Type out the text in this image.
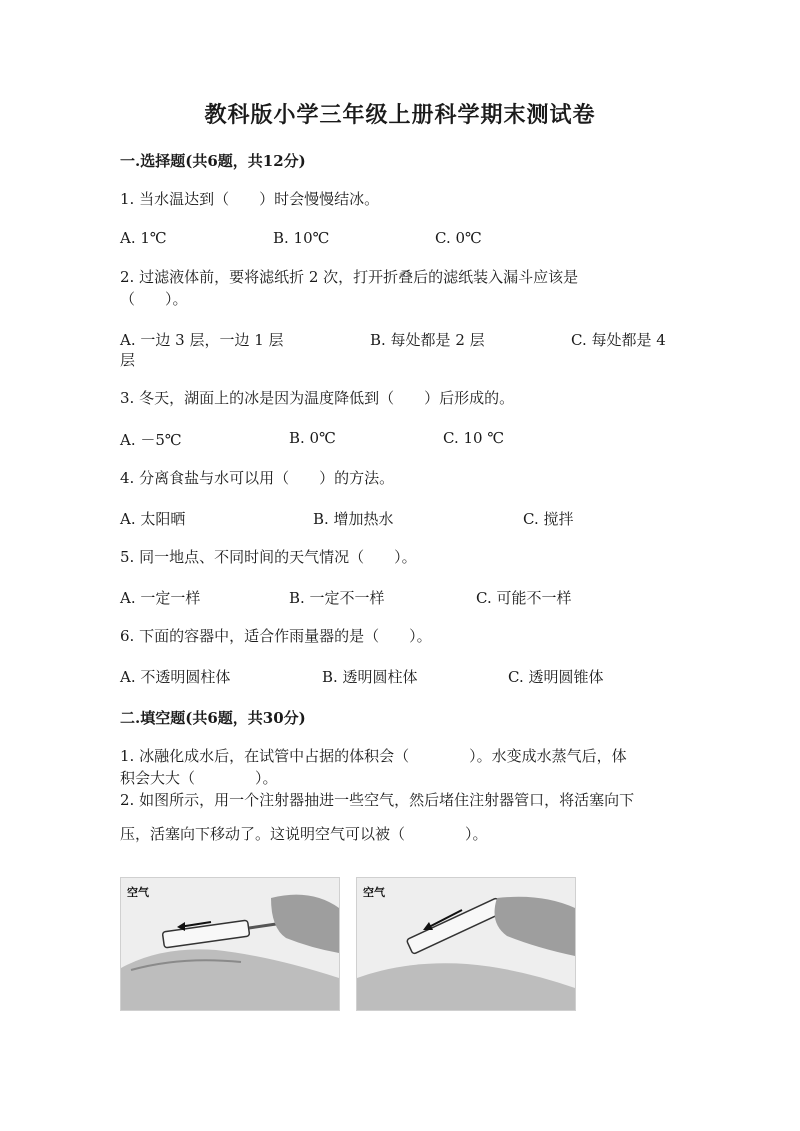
教科版小学三年级上册科学期末测试卷
一.选择题(共6题，共12分)
1. 当水温达到（　　）时会慢慢结冰。
A. 1℃	B. 10℃	C. 0℃
2. 过滤液体前，要将滤纸折 2 次，打开折叠后的滤纸装入漏斗应该是
（　　）。
A. 一边 3 层，一边 1 层	B. 每处都是 2 层	C. 每处都是 4
层
3. 冬天，湖面上的冰是因为温度降低到（　　）后形成的。
A. －5℃	B. 0℃	C. 10 ℃
4. 分离食盐与水可以用（　　）的方法。
A. 太阳晒	B. 增加热水	C. 搅拌
5. 同一地点、不同时间的天气情况（　　）。
A. 一定一样	B. 一定不一样	C. 可能不一样
6. 下面的容器中，适合作雨量器的是（　　）。
A. 不透明圆柱体	B. 透明圆柱体	C. 透明圆锥体
二.填空题(共6题，共30分)
1. 冰融化成水后，在试管中占据的体积会（　　　　）。水变成水蒸气后，体
积会大大（　　　　）。
2. 如图所示，用一个注射器抽进一些空气，然后堵住注射器管口，将活塞向下
压，活塞向下移动了。这说明空气可以被（　　　　）。
空气	空气
